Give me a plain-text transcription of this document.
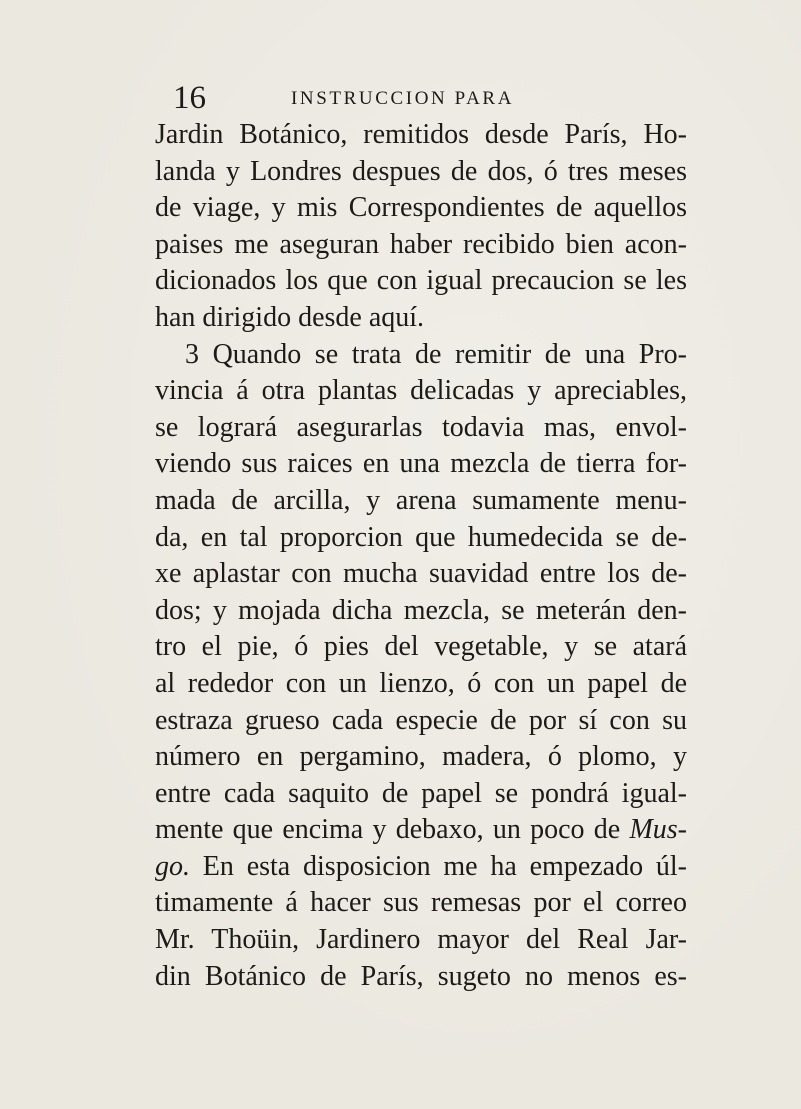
16	INSTRUCCION PARA
Jardin Botánico, remitidos desde París, Ho-
landa y Londres despues de dos, ó tres meses
de viage, y mis Correspondientes de aquellos
paises me aseguran haber recibido bien acon-
dicionados los que con igual precaucion se les
han dirigido desde aquí.
3 Quando se trata de remitir de una Pro-
vincia á otra plantas delicadas y apreciables,
se logrará asegurarlas todavia mas, envol-
viendo sus raices en una mezcla de tierra for-
mada de arcilla, y arena sumamente menu-
da, en tal proporcion que humedecida se de-
xe aplastar con mucha suavidad entre los de-
dos; y mojada dicha mezcla, se meterán den-
tro el pie, ó pies del vegetable, y se atará
al rededor con un lienzo, ó con un papel de
estraza grueso cada especie de por sí con su
número en pergamino, madera, ó plomo, y
entre cada saquito de papel se pondrá igual-
mente que encima y debaxo, un poco de Mus-
go. En esta disposicion me ha empezado úl-
timamente á hacer sus remesas por el correo
Mr. Thoüin, Jardinero mayor del Real Jar-
din Botánico de París, sugeto no menos es-
